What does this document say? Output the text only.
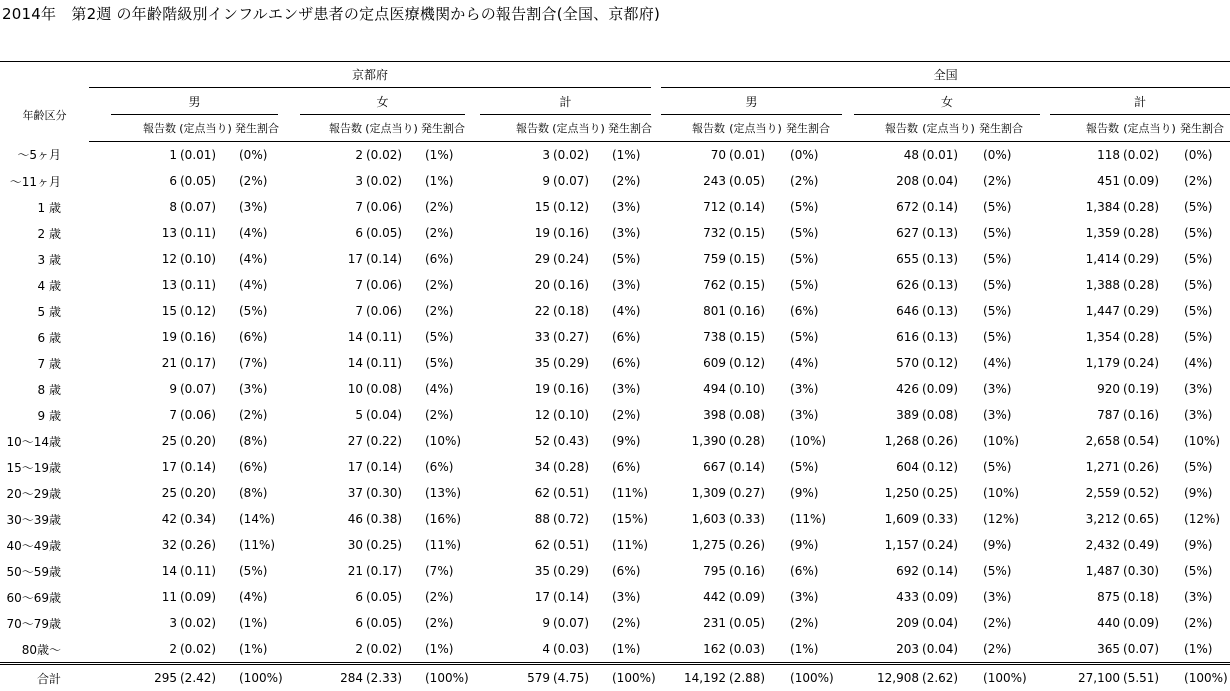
2014年　第2週 の年齢階級別インフルエンザ患者の定点医療機関からの報告割合(全国、京都府)
	京都府													全国										
年齢区分		男				女				計				男				女				計		
		報告数	(定点当り)	発生割合		報告数	(定点当り)	発生割合		報告数	(定点当り)	発生割合		報告数	(定点当り)	発生割合		報告数	(定点当り)	発生割合		報告数	(定点当り)	発生割合
〜5ヶ月		1	(0.01)	(0%)		2	(0.02)	(1%)		3	(0.02)	(1%)		70	(0.01)	(0%)		48	(0.01)	(0%)		118	(0.02)	(0%)
〜11ヶ月		6	(0.05)	(2%)		3	(0.02)	(1%)		9	(0.07)	(2%)		243	(0.05)	(2%)		208	(0.04)	(2%)		451	(0.09)	(2%)
1 歳		8	(0.07)	(3%)		7	(0.06)	(2%)		15	(0.12)	(3%)		712	(0.14)	(5%)		672	(0.14)	(5%)		1,384	(0.28)	(5%)
2 歳		13	(0.11)	(4%)		6	(0.05)	(2%)		19	(0.16)	(3%)		732	(0.15)	(5%)		627	(0.13)	(5%)		1,359	(0.28)	(5%)
3 歳		12	(0.10)	(4%)		17	(0.14)	(6%)		29	(0.24)	(5%)		759	(0.15)	(5%)		655	(0.13)	(5%)		1,414	(0.29)	(5%)
4 歳		13	(0.11)	(4%)		7	(0.06)	(2%)		20	(0.16)	(3%)		762	(0.15)	(5%)		626	(0.13)	(5%)		1,388	(0.28)	(5%)
5 歳		15	(0.12)	(5%)		7	(0.06)	(2%)		22	(0.18)	(4%)		801	(0.16)	(6%)		646	(0.13)	(5%)		1,447	(0.29)	(5%)
6 歳		19	(0.16)	(6%)		14	(0.11)	(5%)		33	(0.27)	(6%)		738	(0.15)	(5%)		616	(0.13)	(5%)		1,354	(0.28)	(5%)
7 歳		21	(0.17)	(7%)		14	(0.11)	(5%)		35	(0.29)	(6%)		609	(0.12)	(4%)		570	(0.12)	(4%)		1,179	(0.24)	(4%)
8 歳		9	(0.07)	(3%)		10	(0.08)	(4%)		19	(0.16)	(3%)		494	(0.10)	(3%)		426	(0.09)	(3%)		920	(0.19)	(3%)
9 歳		7	(0.06)	(2%)		5	(0.04)	(2%)		12	(0.10)	(2%)		398	(0.08)	(3%)		389	(0.08)	(3%)		787	(0.16)	(3%)
10〜14歳		25	(0.20)	(8%)		27	(0.22)	(10%)		52	(0.43)	(9%)		1,390	(0.28)	(10%)		1,268	(0.26)	(10%)		2,658	(0.54)	(10%)
15〜19歳		17	(0.14)	(6%)		17	(0.14)	(6%)		34	(0.28)	(6%)		667	(0.14)	(5%)		604	(0.12)	(5%)		1,271	(0.26)	(5%)
20〜29歳		25	(0.20)	(8%)		37	(0.30)	(13%)		62	(0.51)	(11%)		1,309	(0.27)	(9%)		1,250	(0.25)	(10%)		2,559	(0.52)	(9%)
30〜39歳		42	(0.34)	(14%)		46	(0.38)	(16%)		88	(0.72)	(15%)		1,603	(0.33)	(11%)		1,609	(0.33)	(12%)		3,212	(0.65)	(12%)
40〜49歳		32	(0.26)	(11%)		30	(0.25)	(11%)		62	(0.51)	(11%)		1,275	(0.26)	(9%)		1,157	(0.24)	(9%)		2,432	(0.49)	(9%)
50〜59歳		14	(0.11)	(5%)		21	(0.17)	(7%)		35	(0.29)	(6%)		795	(0.16)	(6%)		692	(0.14)	(5%)		1,487	(0.30)	(5%)
60〜69歳		11	(0.09)	(4%)		6	(0.05)	(2%)		17	(0.14)	(3%)		442	(0.09)	(3%)		433	(0.09)	(3%)		875	(0.18)	(3%)
70〜79歳		3	(0.02)	(1%)		6	(0.05)	(2%)		9	(0.07)	(2%)		231	(0.05)	(2%)		209	(0.04)	(2%)		440	(0.09)	(2%)
80歳〜		2	(0.02)	(1%)		2	(0.02)	(1%)		4	(0.03)	(1%)		162	(0.03)	(1%)		203	(0.04)	(2%)		365	(0.07)	(1%)
合計		295	(2.42)	(100%)		284	(2.33)	(100%)		579	(4.75)	(100%)		14,192	(2.88)	(100%)		12,908	(2.62)	(100%)		27,100	(5.51)	(100%)
